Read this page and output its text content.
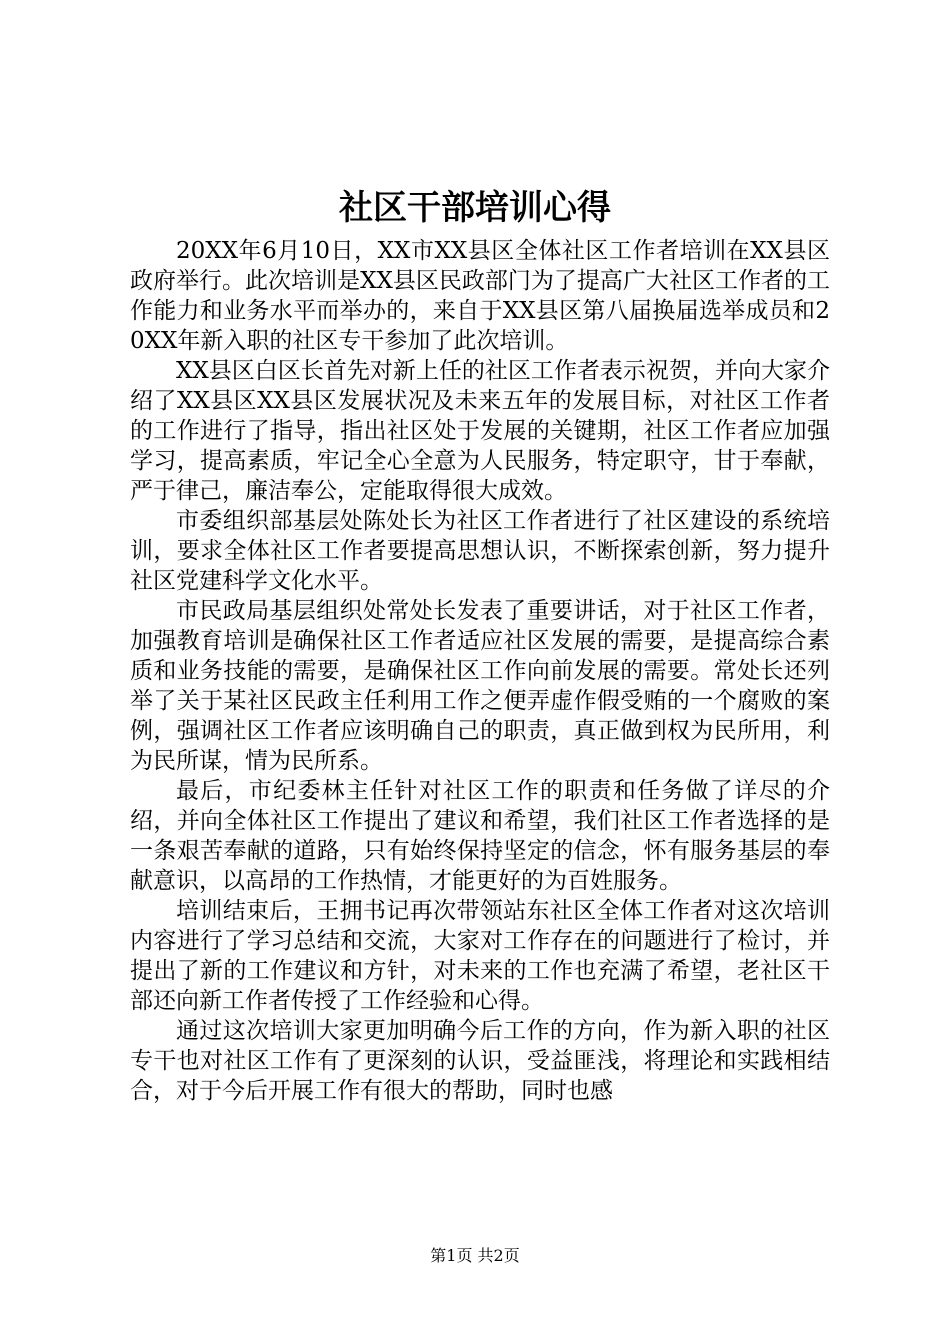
社区干部培训心得

20XX年6月10日，XX市XX县区全体社区工作者培训在XX县区政府举行。此次培训是XX县区民政部门为了提高广大社区工作者的工作能力和业务水平而举办的，来自于XX县区第八届换届选举成员和20XX年新入职的社区专干参加了此次培训。

XX县区白区长首先对新上任的社区工作者表示祝贺，并向大家介绍了XX县区XX县区发展状况及未来五年的发展目标，对社区工作者的工作进行了指导，指出社区处于发展的关键期，社区工作者应加强学习，提高素质，牢记全心全意为人民服务，特定职守，甘于奉献，严于律己，廉洁奉公，定能取得很大成效。

市委组织部基层处陈处长为社区工作者进行了社区建设的系统培训，要求全体社区工作者要提高思想认识，不断探索创新，努力提升社区党建科学文化水平。

市民政局基层组织处常处长发表了重要讲话，对于社区工作者，加强教育培训是确保社区工作者适应社区发展的需要，是提高综合素质和业务技能的需要，是确保社区工作向前发展的需要。常处长还列举了关于某社区民政主任利用工作之便弄虚作假受贿的一个腐败的案例，强调社区工作者应该明确自己的职责，真正做到权为民所用，利为民所谋，情为民所系。

最后，市纪委林主任针对社区工作的职责和任务做了详尽的介绍，并向全体社区工作提出了建议和希望，我们社区工作者选择的是一条艰苦奉献的道路，只有始终保持坚定的信念，怀有服务基层的奉献意识，以高昂的工作热情，才能更好的为百姓服务。

培训结束后，王拥书记再次带领站东社区全体工作者对这次培训内容进行了学习总结和交流，大家对工作存在的问题进行了检讨，并提出了新的工作建议和方针，对未来的工作也充满了希望，老社区干部还向新工作者传授了工作经验和心得。

通过这次培训大家更加明确今后工作的方向，作为新入职的社区专干也对社区工作有了更深刻的认识，受益匪浅，将理论和实践相结合，对于今后开展工作有很大的帮助，同时也感

第1页 共2页
